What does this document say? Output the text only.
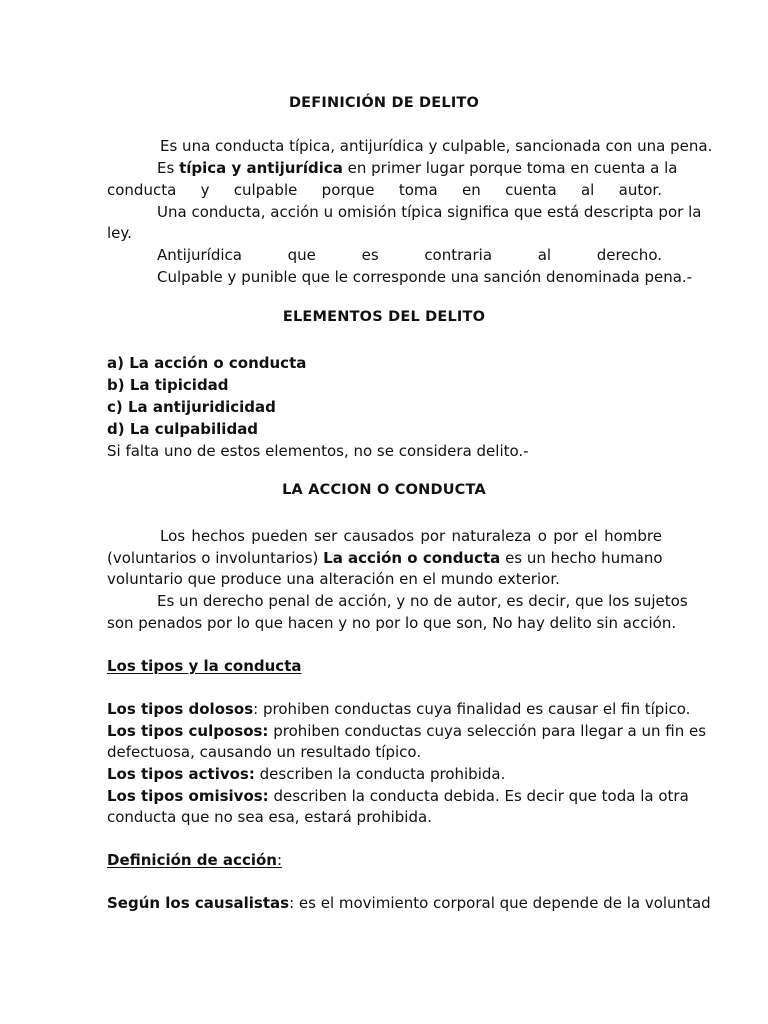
DEFINICIÓN DE DELITO
Es una conducta típica, antijurídica y culpable, sancionada con una pena.
Es típica y antijurídica en primer lugar porque toma en cuenta a la
conducta y culpable porque toma en cuenta al autor.
Una conducta, acción u omisión típica significa que está descripta por la
ley.
Antijurídica que es contraria al derecho.
Culpable y punible que le corresponde una sanción denominada pena.-
ELEMENTOS DEL DELITO
a) La acción o conducta
b) La tipicidad
c) La antijuridicidad
d) La culpabilidad
Si falta uno de estos elementos, no se considera delito.-
LA ACCION O CONDUCTA
Los hechos pueden ser causados por naturaleza o por el hombre
(voluntarios o involuntarios) La acción o conducta es un hecho humano
voluntario que produce una alteración en el mundo exterior.
Es un derecho penal de acción, y no de autor, es decir, que los sujetos
son penados por lo que hacen y no por lo que son, No hay delito sin acción.
Los tipos y la conducta
Los tipos dolosos: prohiben conductas cuya finalidad es causar el fin típico.
Los tipos culposos: prohiben conductas cuya selección para llegar a un fin es
defectuosa, causando un resultado típico.
Los tipos activos: describen la conducta prohibida.
Los tipos omisivos: describen la conducta debida. Es decir que toda la otra
conducta que no sea esa, estará prohibida.
Definición de acción:
Según los causalistas: es el movimiento corporal que depende de la voluntad
